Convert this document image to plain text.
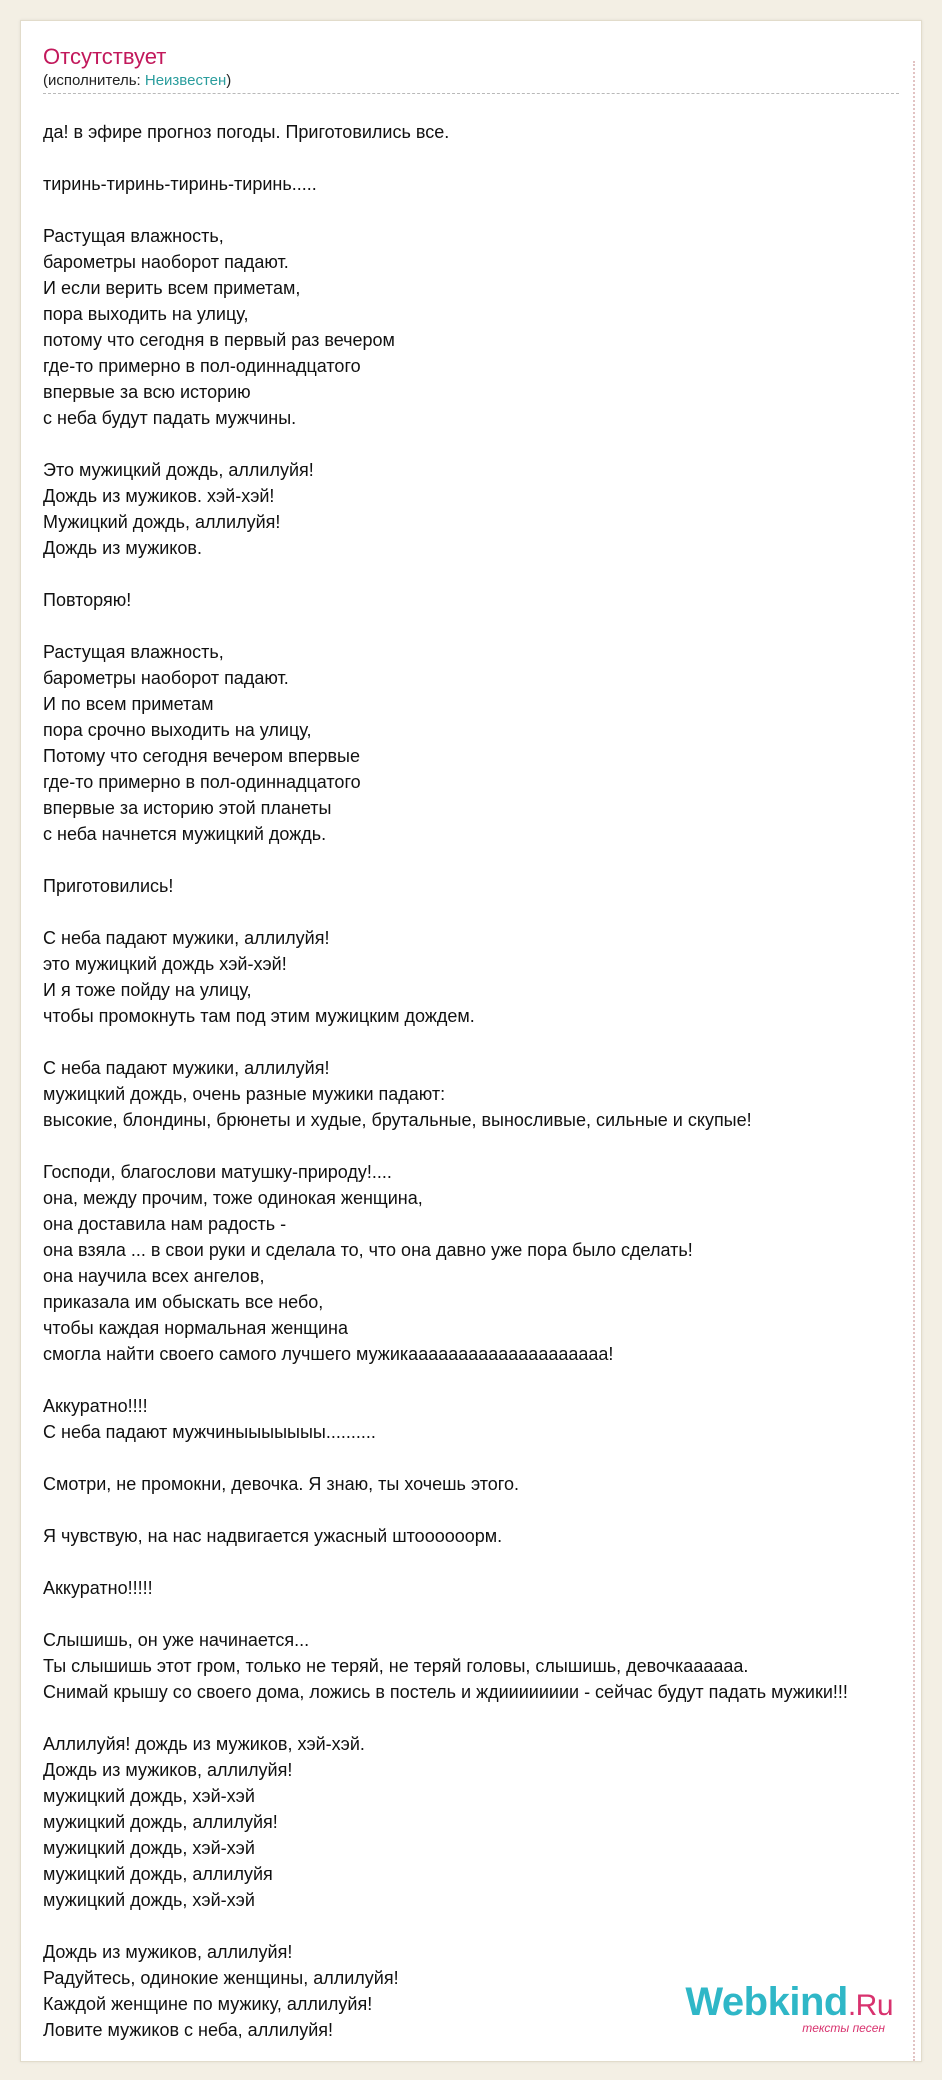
Отсутствует
(исполнитель: Неизвестен)
да! в эфире прогноз погоды. Приготовились все.

тиринь-тиринь-тиринь-тиринь.....

Растущая влажность,
барометры наоборот падают.
И если верить всем приметам,
пора выходить на улицу,
потому что сегодня в первый раз вечером
где-то примерно в пол-одиннадцатого
впервые за всю историю
с неба будут падать мужчины.

Это мужицкий дождь, аллилуйя!
Дождь из мужиков. хэй-хэй!
Мужицкий дождь, аллилуйя!
Дождь из мужиков.

Повторяю!

Растущая влажность,
барометры наоборот падают.
И по всем приметам
пора срочно выходить на улицу,
Потому что сегодня вечером впервые
где-то примерно в пол-одиннадцатого
впервые за историю этой планеты
с неба начнется мужицкий дождь.

Приготовились!

С неба падают мужики, аллилуйя!
это мужицкий дождь хэй-хэй!
И я тоже пойду на улицу,
чтобы промокнуть там под этим мужицким дождем.

С неба падают мужики, аллилуйя!
мужицкий дождь, очень разные мужики падают:
высокие, блондины, брюнеты и худые, брутальные, выносливые, сильные и скупые!

Господи, благослови матушку-природу!....
она, между прочим, тоже одинокая женщина,
она доставила нам радость -
она взяла ... в свои руки и сделала то, что она давно уже пора было сделать!
она научила всех ангелов,
приказала им обыскать все небо,
чтобы каждая нормальная женщина
смогла найти своего самого лучшего мужикаааааааааааааааааааа!

Аккуратно!!!!
С неба падают мужчиныыыыыыы..........

Смотри, не промокни, девочка. Я знаю, ты хочешь этого.

Я чувствую, на нас надвигается ужасный штоооооорм.

Аккуратно!!!!!

Слышишь, он уже начинается...
Ты слышишь этот гром, только не теряй, не теряй головы, слышишь, девочкаааааа.
Снимай крышу со своего дома, ложись в постель и ждииииииии - сейчас будут падать мужики!!!

Аллилуйя! дождь из мужиков, хэй-хэй.
Дождь из мужиков, аллилуйя!
мужицкий дождь, хэй-хэй
мужицкий дождь, аллилуйя!
мужицкий дождь, хэй-хэй
мужицкий дождь, аллилуйя
мужицкий дождь, хэй-хэй

Дождь из мужиков, аллилуйя!
Радуйтесь, одинокие женщины, аллилуйя!
Каждой женщине по мужику, аллилуйя!
Ловите мужиков с неба, аллилуйя!
Webkind.Ru
тексты песен
